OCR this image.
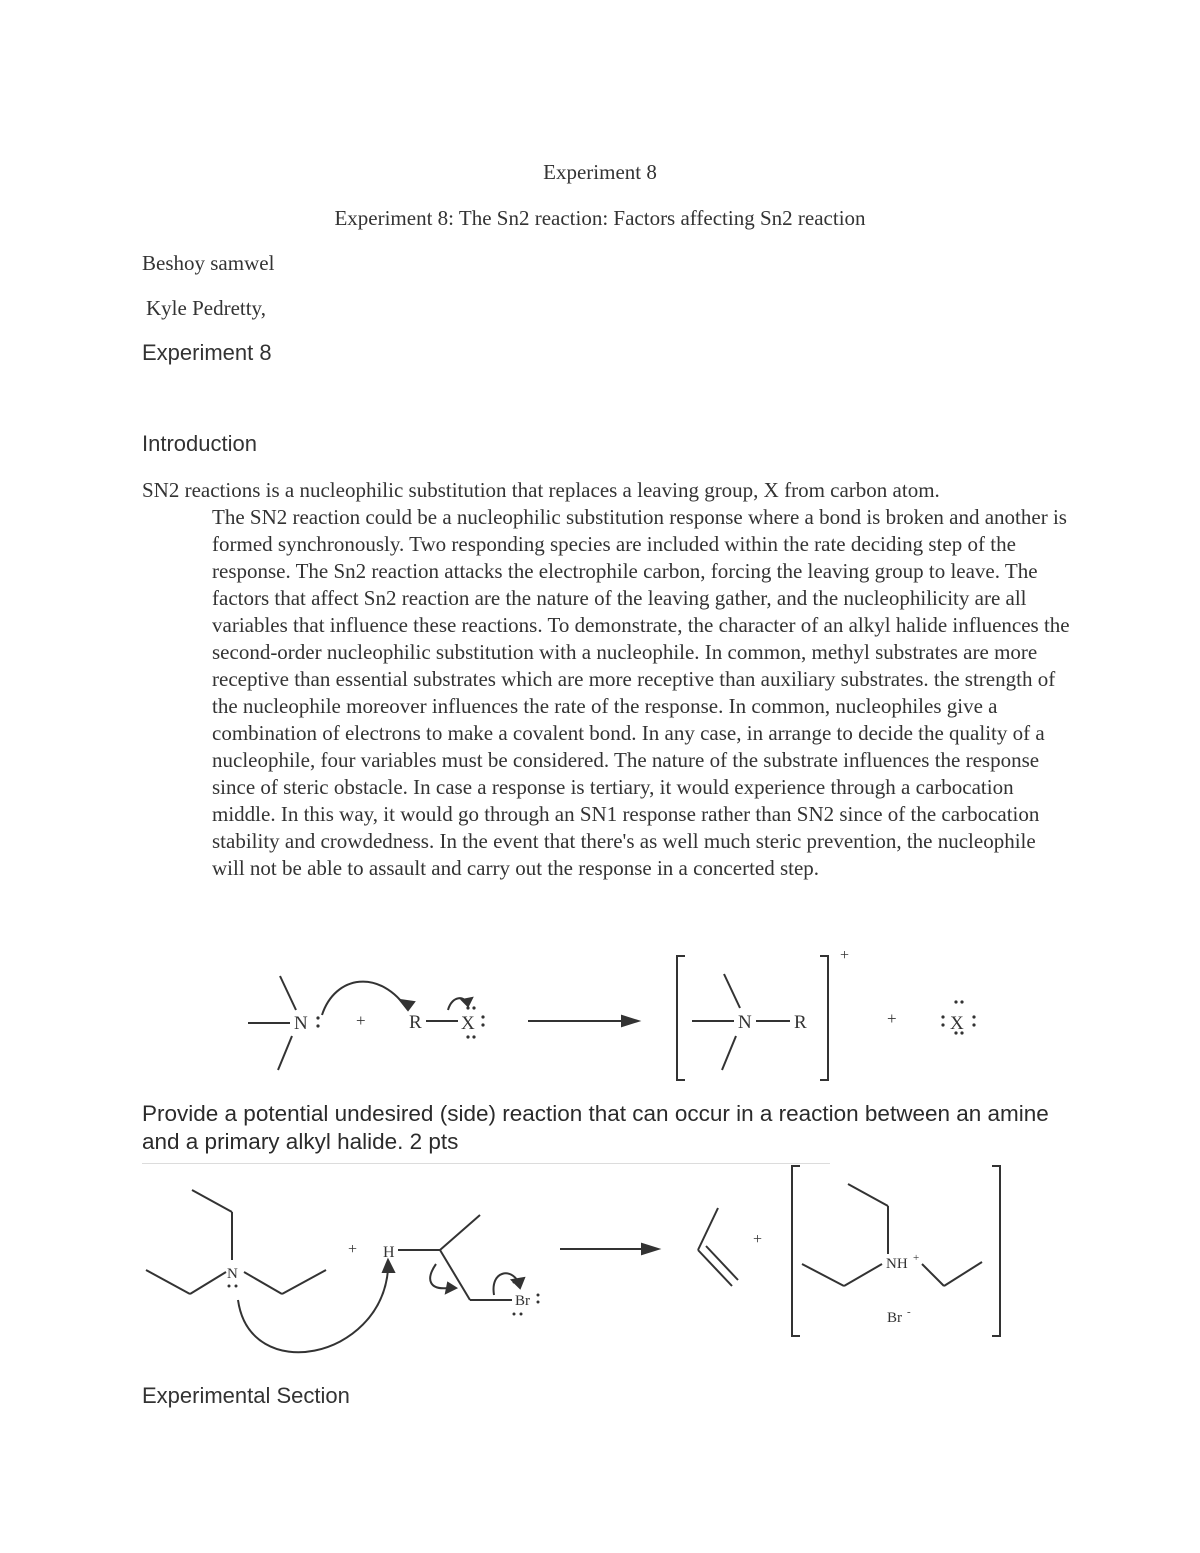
Experiment 8
Experiment 8: The Sn2 reaction: Factors affecting Sn2 reaction
Beshoy samwel
Kyle Pedretty,
Experiment 8
Introduction

SN2 reactions is a nucleophilic substitution that replaces a leaving group, X from carbon atom.

The SN2 reaction could be a nucleophilic substitution response where a bond is broken and another is formed synchronously. Two responding species are included within the rate deciding step of the response. The Sn2 reaction attacks the electrophile carbon, forcing the leaving group to leave. The factors that affect Sn2 reaction are the nature of the leaving gather, and the nucleophilicity are all variables that influence these reactions. To demonstrate, the character of an alkyl halide influences the second-order nucleophilic substitution with a nucleophile. In common, methyl substrates are more receptive than essential substrates which are more receptive than auxiliary substrates. the strength of the nucleophile moreover influences the rate of the response. In common, nucleophiles give a combination of electrons to make a covalent bond. In any case, in arrange to decide the quality of a nucleophile, four variables must be considered. The nature of the substrate influences the response since of steric obstacle. In case a response is tertiary, it would experience through a carbocation middle. In this way, it would go through an SN1 response rather than SN2 since of the carbocation stability and crowdedness. In the event that there's as well much steric prevention, the nucleophile will not be able to assault and carry out the response in a concerted step.

N	+ R X	N R
+
+	X
Provide a potential undesired (side) reaction that can occur in a reaction between an amine and a primary alkyl halide. 2 pts
N
+ H
Br
+
NH +
Br -
Experimental Section
